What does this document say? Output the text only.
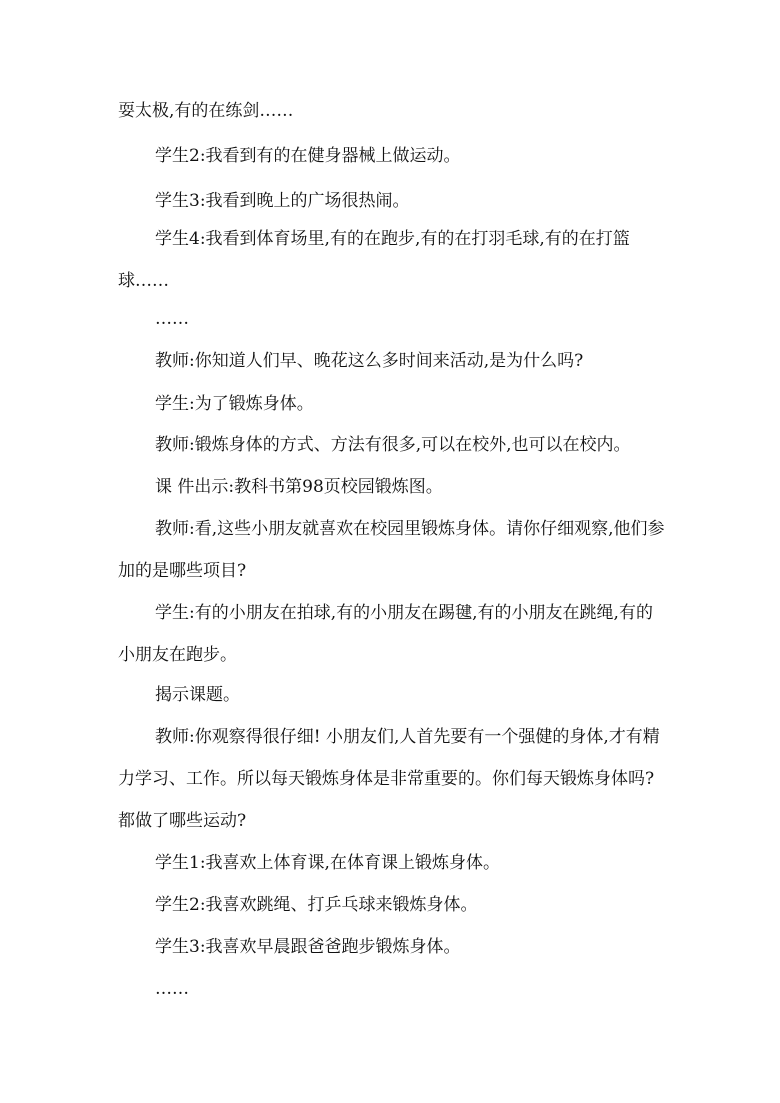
耍太极,有的在练剑……

学生2:我看到有的在健身器械上做运动。

学生3:我看到晚上的广场很热闹。

学生4:我看到体育场里,有的在跑步,有的在打羽毛球,有的在打篮球……

……

教师:你知道人们早、晚花这么多时间来活动,是为什么吗?

学生:为了锻炼身体。

教师:锻炼身体的方式、方法有很多,可以在校外,也可以在校内。

课 件出示:教科书第98页校园锻炼图。

教师:看,这些小朋友就喜欢在校园里锻炼身体。请你仔细观察,他们参加的是哪些项目?

学生:有的小朋友在拍球,有的小朋友在踢毽,有的小朋友在跳绳,有的小朋友在跑步。

揭示课题。

教师:你观察得很仔细! 小朋友们,人首先要有一个强健的身体,才有精力学习、工作。所以每天锻炼身体是非常重要的。你们每天锻炼身体吗? 都做了哪些运动?

学生1:我喜欢上体育课,在体育课上锻炼身体。

学生2:我喜欢跳绳、打乒乓球来锻炼身体。

学生3:我喜欢早晨跟爸爸跑步锻炼身体。

……
